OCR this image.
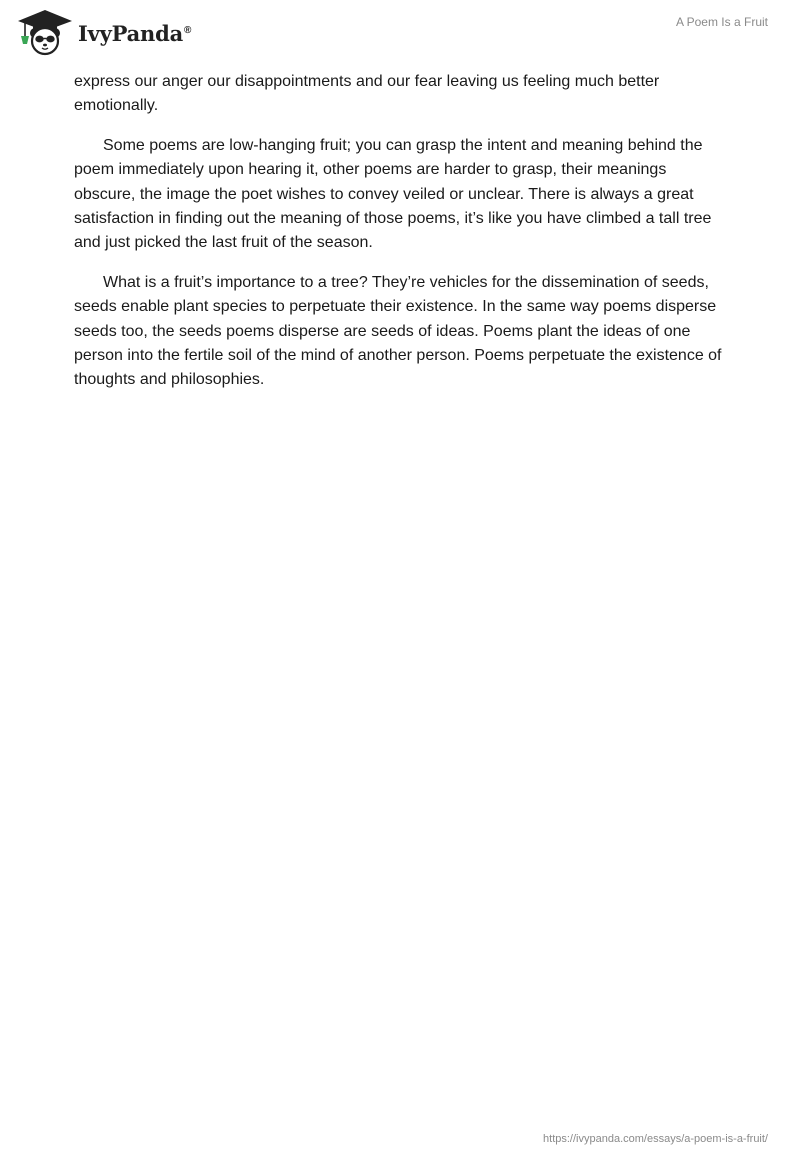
IvyPanda®
A Poem Is a Fruit

express our anger our disappointments and our fear leaving us feeling much better emotionally.

Some poems are low-hanging fruit; you can grasp the intent and meaning behind the poem immediately upon hearing it, other poems are harder to grasp, their meanings obscure, the image the poet wishes to convey veiled or unclear. There is always a great satisfaction in finding out the meaning of those poems, it’s like you have climbed a tall tree and just picked the last fruit of the season.

What is a fruit’s importance to a tree? They’re vehicles for the dissemination of seeds, seeds enable plant species to perpetuate their existence. In the same way poems disperse seeds too, the seeds poems disperse are seeds of ideas. Poems plant the ideas of one person into the fertile soil of the mind of another person. Poems perpetuate the existence of thoughts and philosophies.

https://ivypanda.com/essays/a-poem-is-a-fruit/
